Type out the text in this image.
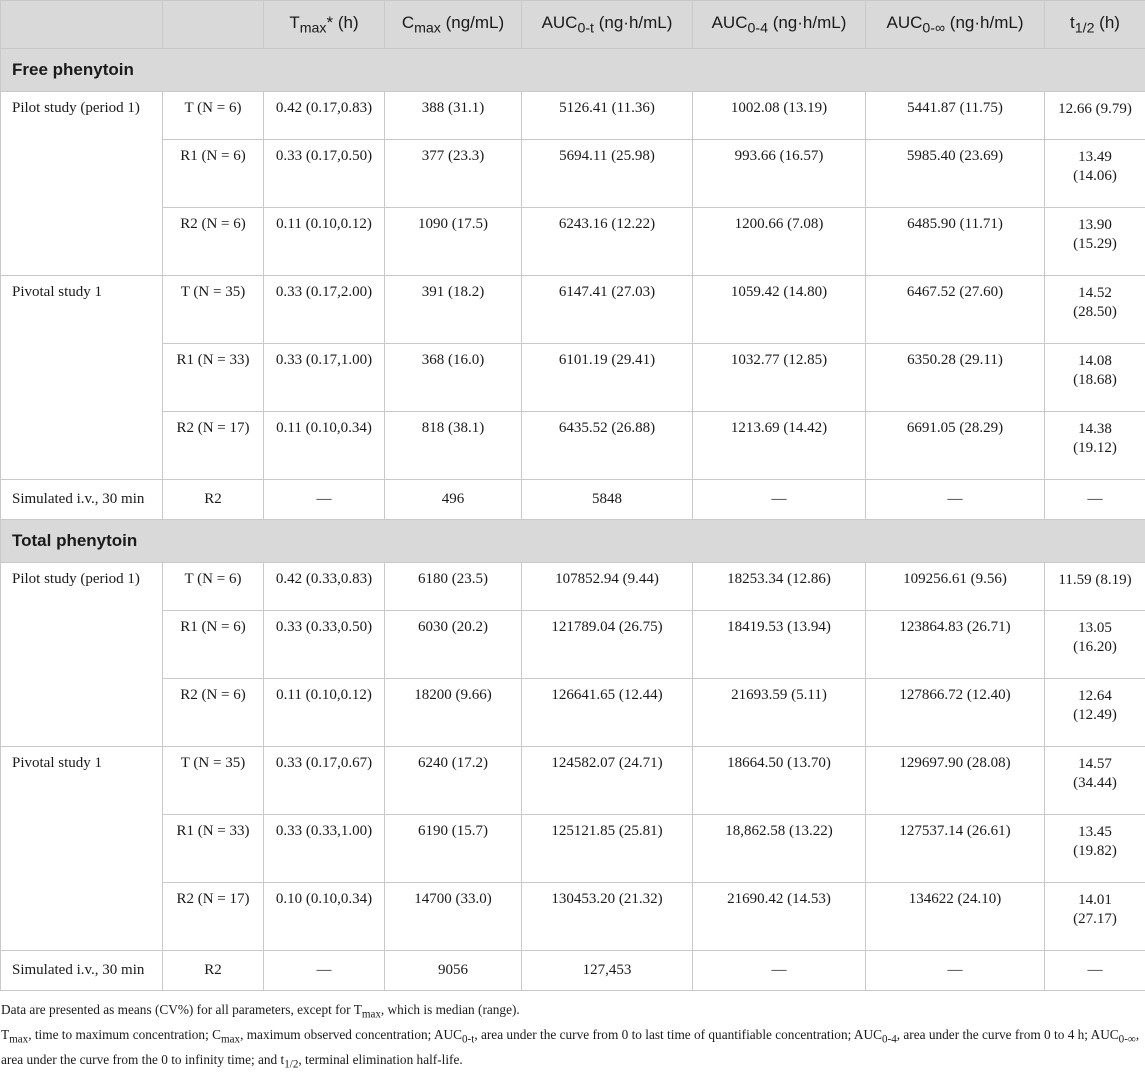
		$T_{max}*$ (h)	$C_{max}$ (ng/mL)	$AUC_{0-t}$ (ng·h/mL)	$AUC_{0-4}$ (ng·h/mL)	$AUC_{0-\infty}$ (ng·h/mL)	$t_{1/2}$ (h)
Free phenytoin							
Pilot study (period 1)	T (N = 6)	0.42 (0.17,0.83)	388 (31.1)	5126.41 (11.36)	1002.08 (13.19)	5441.87 (11.75)	12.66 (9.79)

	R1 (N = 6)	0.33 (0.17,0.50)	377 (23.3)	5694.11 (25.98)	993.66 (16.57)	5985.40 (23.69)	13.49
(14.06)

	R2 (N = 6)	0.11 (0.10,0.12)	1090 (17.5)	6243.16 (12.22)	1200.66 (7.08)	6485.90 (11.71)	13.90
(15.29)

Pivotal study 1	T (N = 35)	0.33 (0.17,2.00)	391 (18.2)	6147.41 (27.03)	1059.42 (14.80)	6467.52 (27.60)	14.52
(28.50)

	R1 (N = 33)	0.33 (0.17,1.00)	368 (16.0)	6101.19 (29.41)	1032.77 (12.85)	6350.28 (29.11)	14.08
(18.68)

	R2 (N = 17)	0.11 (0.10,0.34)	818 (38.1)	6435.52 (26.88)	1213.69 (14.42)	6691.05 (28.29)	14.38
(19.12)

Simulated i.v., 30 min	R2	—	496	5848	—	—	—
Total phenytoin							
Pilot study (period 1)	T (N = 6)	0.42 (0.33,0.83)	6180 (23.5)	107852.94 (9.44)	18253.34 (12.86)	109256.61 (9.56)	11.59 (8.19)

	R1 (N = 6)	0.33 (0.33,0.50)	6030 (20.2)	121789.04 (26.75)	18419.53 (13.94)	123864.83 (26.71)	13.05
(16.20)

	R2 (N = 6)	0.11 (0.10,0.12)	18200 (9.66)	126641.65 (12.44)	21693.59 (5.11)	127866.72 (12.40)	12.64
(12.49)

Pivotal study 1	T (N = 35)	0.33 (0.17,0.67)	6240 (17.2)	124582.07 (24.71)	18664.50 (13.70)	129697.90 (28.08)	14.57
(34.44)

	R1 (N = 33)	0.33 (0.33,1.00)	6190 (15.7)	125121.85 (25.81)	18,862.58 (13.22)	127537.14 (26.61)	13.45
(19.82)

	R2 (N = 17)	0.10 (0.10,0.34)	14700 (33.0)	130453.20 (21.32)	21690.42 (14.53)	134622 (24.10)	14.01
(27.17)

Simulated i.v., 30 min	R2	—	9056	127,453	—	—	—

Data are presented as means (CV%) for all parameters, except for $T_{max}$, which is median (range).

$T_{max}$, time to maximum concentration; $C_{max}$, maximum observed concentration; $AUC_{0-t}$, area under the curve from 0 to last time of quantifiable concentration; $AUC_{0-4}$, area under the curve from 0 to 4 h; $AUC_{0-\infty}$, area under the curve from the 0 to infinity time; and $t_{1/2}$, terminal elimination half-life.
